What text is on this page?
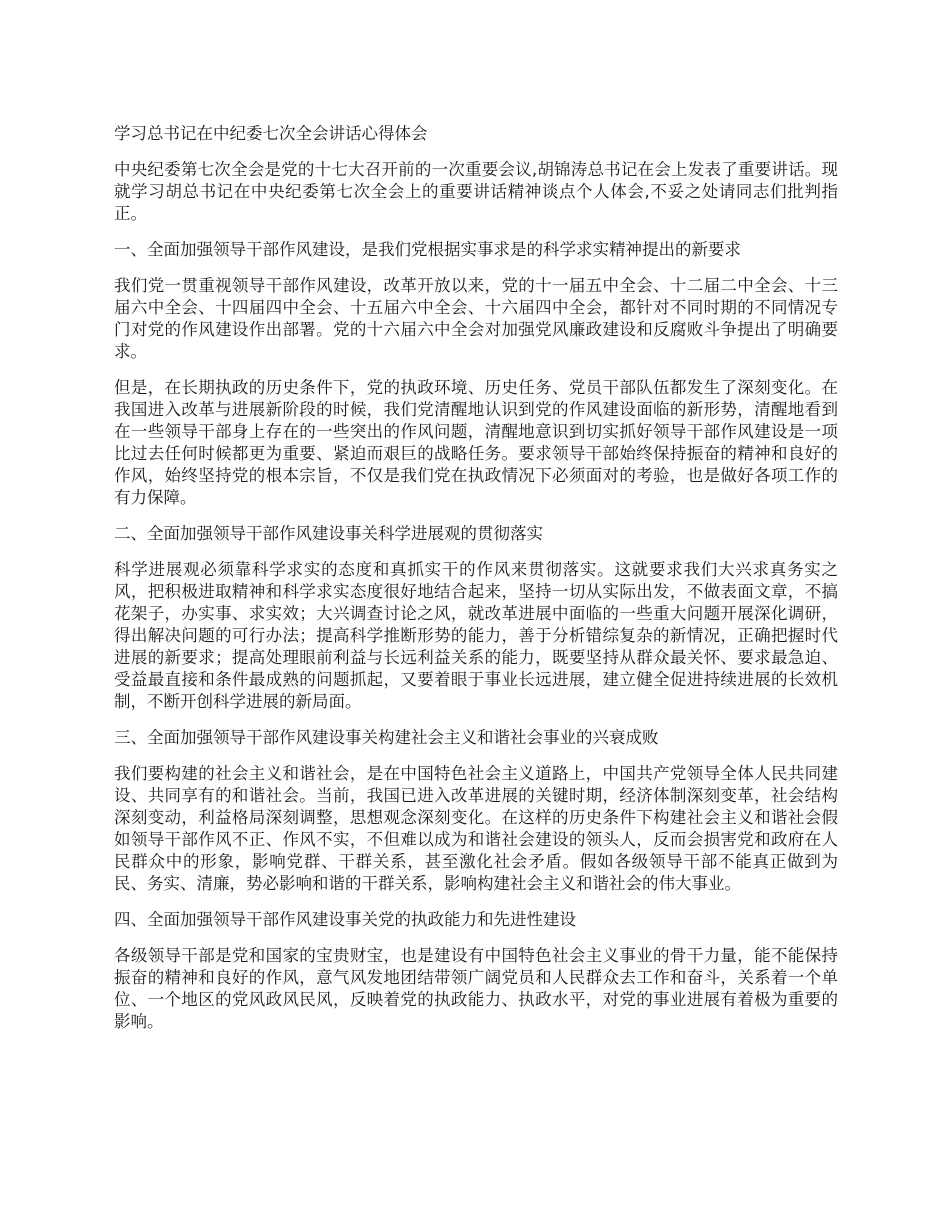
学习总书记在中纪委七次全会讲话心得体会

中央纪委第七次全会是党的十七大召开前的一次重要会议,胡锦涛总书记在会上发表了重要讲话。现就学习胡总书记在中央纪委第七次全会上的重要讲话精神谈点个人体会,不妥之处请同志们批判指正。

一、全面加强领导干部作风建设，是我们党根据实事求是的科学求实精神提出的新要求

我们党一贯重视领导干部作风建设，改革开放以来，党的十一届五中全会、十二届二中全会、十三届六中全会、十四届四中全会、十五届六中全会、十六届四中全会，都针对不同时期的不同情况专门对党的作风建设作出部署。党的十六届六中全会对加强党风廉政建设和反腐败斗争提出了明确要求。

但是，在长期执政的历史条件下，党的执政环境、历史任务、党员干部队伍都发生了深刻变化。在我国进入改革与进展新阶段的时候，我们党清醒地认识到党的作风建设面临的新形势，清醒地看到在一些领导干部身上存在的一些突出的作风问题，清醒地意识到切实抓好领导干部作风建设是一项比过去任何时候都更为重要、紧迫而艰巨的战略任务。要求领导干部始终保持振奋的精神和良好的作风，始终坚持党的根本宗旨，不仅是我们党在执政情况下必须面对的考验，也是做好各项工作的有力保障。

二、全面加强领导干部作风建设事关科学进展观的贯彻落实

科学进展观必须靠科学求实的态度和真抓实干的作风来贯彻落实。这就要求我们大兴求真务实之风，把积极进取精神和科学求实态度很好地结合起来，坚持一切从实际出发，不做表面文章，不搞花架子，办实事、求实效；大兴调查讨论之风，就改革进展中面临的一些重大问题开展深化调研，得出解决问题的可行办法；提高科学推断形势的能力，善于分析错综复杂的新情况，正确把握时代进展的新要求；提高处理眼前利益与长远利益关系的能力，既要坚持从群众最关怀、要求最急迫、受益最直接和条件最成熟的问题抓起，又要着眼于事业长远进展，建立健全促进持续进展的长效机制，不断开创科学进展的新局面。

三、全面加强领导干部作风建设事关构建社会主义和谐社会事业的兴衰成败

我们要构建的社会主义和谐社会，是在中国特色社会主义道路上，中国共产党领导全体人民共同建设、共同享有的和谐社会。当前，我国已进入改革进展的关键时期，经济体制深刻变革，社会结构深刻变动，利益格局深刻调整，思想观念深刻变化。在这样的历史条件下构建社会主义和谐社会假如领导干部作风不正、作风不实，不但难以成为和谐社会建设的领头人，反而会损害党和政府在人民群众中的形象，影响党群、干群关系，甚至激化社会矛盾。假如各级领导干部不能真正做到为民、务实、清廉，势必影响和谐的干群关系，影响构建社会主义和谐社会的伟大事业。

四、全面加强领导干部作风建设事关党的执政能力和先进性建设

各级领导干部是党和国家的宝贵财宝，也是建设有中国特色社会主义事业的骨干力量，能不能保持振奋的精神和良好的作风，意气风发地团结带领广阔党员和人民群众去工作和奋斗，关系着一个单位、一个地区的党风政风民风，反映着党的执政能力、执政水平，对党的事业进展有着极为重要的影响。
